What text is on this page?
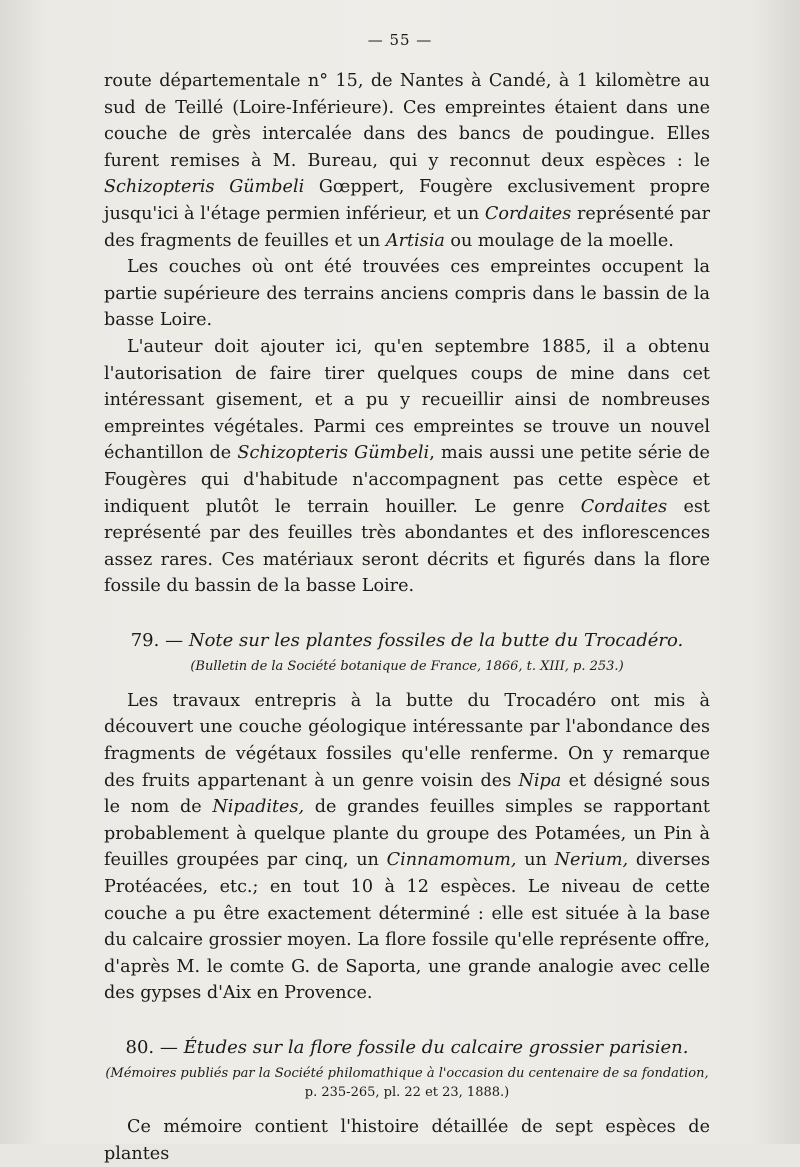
— 55 —

route départementale n° 15, de Nantes à Candé, à 1 kilomètre au sud de Teillé (Loire-Inférieure). Ces empreintes étaient dans une couche de grès intercalée dans des bancs de poudingue. Elles furent remises à M. Bureau, qui y reconnut deux espèces : le Schizopteris Gümbeli Gœppert, Fougère exclusivement propre jusqu'ici à l'étage permien inférieur, et un Cordaites représenté par des fragments de feuilles et un Artisia ou moulage de la moelle.

Les couches où ont été trouvées ces empreintes occupent la partie supérieure des terrains anciens compris dans le bassin de la basse Loire.

L'auteur doit ajouter ici, qu'en septembre 1885, il a obtenu l'autorisation de faire tirer quelques coups de mine dans cet intéressant gisement, et a pu y recueillir ainsi de nombreuses empreintes végétales. Parmi ces empreintes se trouve un nouvel échantillon de Schizopteris Gümbeli, mais aussi une petite série de Fougères qui d'habitude n'accompagnent pas cette espèce et indiquent plutôt le terrain houiller. Le genre Cordaites est représenté par des feuilles très abondantes et des inflorescences assez rares. Ces matériaux seront décrits et figurés dans la flore fossile du bassin de la basse Loire.

79. — Note sur les plantes fossiles de la butte du Trocadéro.
(Bulletin de la Société botanique de France, 1866, t. XIII, p. 253.)

Les travaux entrepris à la butte du Trocadéro ont mis à découvert une couche géologique intéressante par l'abondance des fragments de végétaux fossiles qu'elle renferme. On y remarque des fruits appartenant à un genre voisin des Nipa et désigné sous le nom de Nipadites, de grandes feuilles simples se rapportant probablement à quelque plante du groupe des Potamées, un Pin à feuilles groupées par cinq, un Cinnamomum, un Nerium, diverses Protéacées, etc.; en tout 10 à 12 espèces. Le niveau de cette couche a pu être exactement déterminé : elle est située à la base du calcaire grossier moyen. La flore fossile qu'elle représente offre, d'après M. le comte G. de Saporta, une grande analogie avec celle des gypses d'Aix en Provence.

80. — Études sur la flore fossile du calcaire grossier parisien.
(Mémoires publiés par la Société philomathique à l'occasion du centenaire de sa fondation,
p. 235-265, pl. 22 et 23, 1888.)

Ce mémoire contient l'histoire détaillée de sept espèces de plantes
